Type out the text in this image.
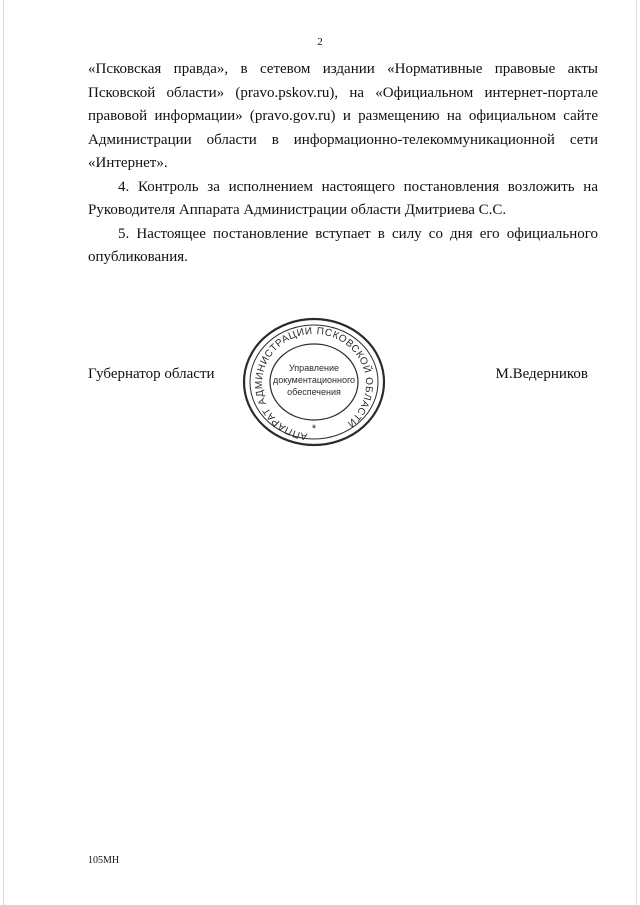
2

«Псковская правда», в сетевом издании «Нормативные правовые акты Псковской области» (pravo.pskov.ru), на «Официальном интернет-портале правовой информации» (pravo.gov.ru) и размещению на официальном сайте Администрации области в информационно-телекоммуникационной сети «Интернет».

4. Контроль за исполнением настоящего постановления возложить на Руководителя Аппарата Администрации области Дмитриева С.С.

5. Настоящее постановление вступает в силу со дня его официального опубликования.

Губернатор области	М.Ведерников
АППАРАТ АДМИНИСТРАЦИИ ПСКОВСКОЙ ОБЛАСТИ
Управление
документационного
обеспечения
*
105МН
